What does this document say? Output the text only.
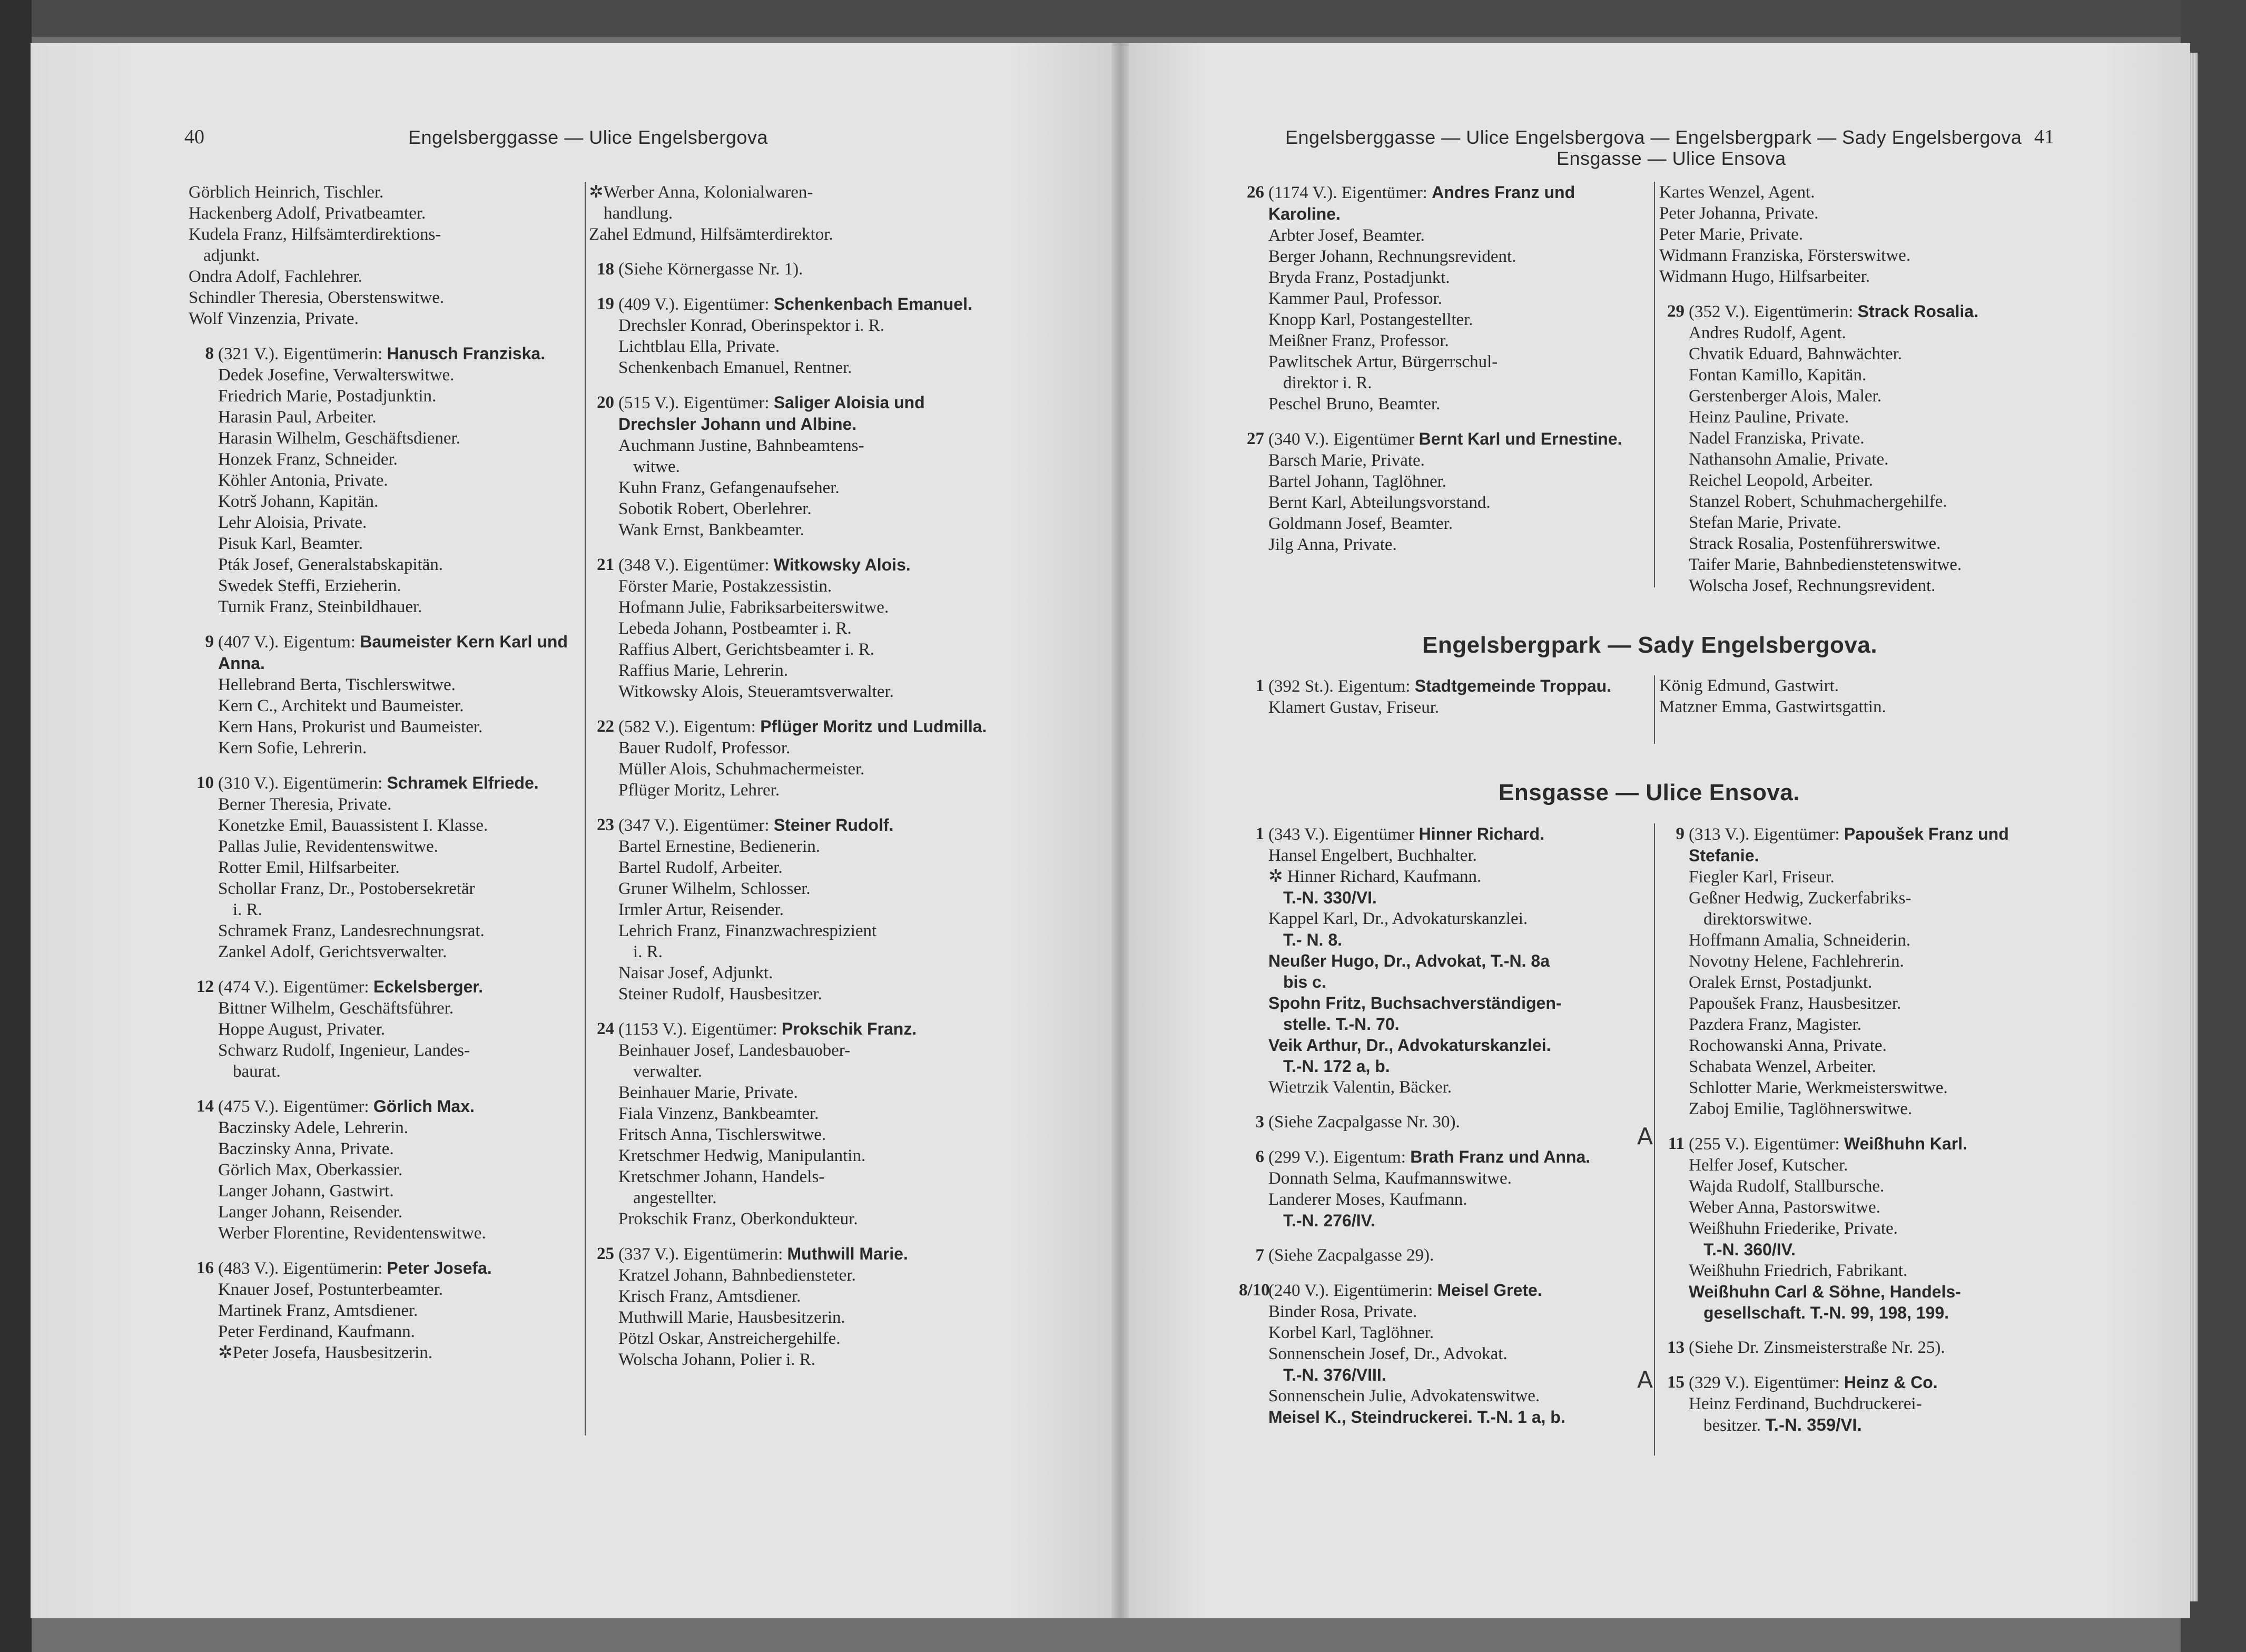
40	Engelsberggasse — Ulice Engelsbergova
Görblich Heinrich, Tischler.
Hackenberg Adolf, Privatbeamter.
Kudela Franz, Hilfsämterdirektions-
adjunkt.
Ondra Adolf, Fachlehrer.
Schindler Theresia, Oberstenswitwe.
Wolf Vinzenzia, Private.
8 (321 V.). Eigentümerin: Hanusch Franziska.
Dedek Josefine, Verwalterswitwe.
Friedrich Marie, Postadjunktin.
Harasin Paul, Arbeiter.
Harasin Wilhelm, Geschäftsdiener.
Honzek Franz, Schneider.
Köhler Antonia, Private.
Kotrš Johann, Kapitän.
Lehr Aloisia, Private.
Pisuk Karl, Beamter.
Pták Josef, Generalstabskapitän.
Swedek Steffi, Erzieherin.
Turnik Franz, Steinbildhauer.
9 (407 V.). Eigentum: Baumeister Kern Karl und Anna.
Hellebrand Berta, Tischlerswitwe.
Kern C., Architekt und Baumeister.
Kern Hans, Prokurist und Baumeister.
Kern Sofie, Lehrerin.
10 (310 V.). Eigentümerin: Schramek Elfriede.
Berner Theresia, Private.
Konetzke Emil, Bauassistent I. Klasse.
Pallas Julie, Revidentenswitwe.
Rotter Emil, Hilfsarbeiter.
Schollar Franz, Dr., Postobersekretär
i. R.
Schramek Franz, Landesrechnungsrat.
Zankel Adolf, Gerichtsverwalter.
12 (474 V.). Eigentümer: Eckelsberger.
Bittner Wilhelm, Geschäftsführer.
Hoppe August, Privater.
Schwarz Rudolf, Ingenieur, Landes-
baurat.
14 (475 V.). Eigentümer: Görlich Max.
Baczinsky Adele, Lehrerin.
Baczinsky Anna, Private.
Görlich Max, Oberkassier.
Langer Johann, Gastwirt.
Langer Johann, Reisender.
Werber Florentine, Revidentenswitwe.
16 (483 V.). Eigentümerin: Peter Josefa.
Knauer Josef, Postunterbeamter.
Martinek Franz, Amtsdiener.
Peter Ferdinand, Kaufmann.
✲Peter Josefa, Hausbesitzerin.
✲Werber Anna, Kolonialwaren-
handlung.
Zahel Edmund, Hilfsämterdirektor.
18 (Siehe Körnergasse Nr. 1).
19 (409 V.). Eigentümer: Schenkenbach Emanuel.
Drechsler Konrad, Oberinspektor i. R.
Lichtblau Ella, Private.
Schenkenbach Emanuel, Rentner.
20 (515 V.). Eigentümer: Saliger Aloisia und Drechsler Johann und Albine.
Auchmann Justine, Bahnbeamtens-
witwe.
Kuhn Franz, Gefangenaufseher.
Sobotik Robert, Oberlehrer.
Wank Ernst, Bankbeamter.
21 (348 V.). Eigentümer: Witkowsky Alois.
Förster Marie, Postakzessistin.
Hofmann Julie, Fabriksarbeiterswitwe.
Lebeda Johann, Postbeamter i. R.
Raffius Albert, Gerichtsbeamter i. R.
Raffius Marie, Lehrerin.
Witkowsky Alois, Steueramtsverwalter.
22 (582 V.). Eigentum: Pflüger Moritz und Ludmilla.
Bauer Rudolf, Professor.
Müller Alois, Schuhmachermeister.
Pflüger Moritz, Lehrer.
23 (347 V.). Eigentümer: Steiner Rudolf.
Bartel Ernestine, Bedienerin.
Bartel Rudolf, Arbeiter.
Gruner Wilhelm, Schlosser.
Irmler Artur, Reisender.
Lehrich Franz, Finanzwachrespizient
i. R.
Naisar Josef, Adjunkt.
Steiner Rudolf, Hausbesitzer.
24 (1153 V.). Eigentümer: Prokschik Franz.
Beinhauer Josef, Landesbauober-
verwalter.
Beinhauer Marie, Private.
Fiala Vinzenz, Bankbeamter.
Fritsch Anna, Tischlerswitwe.
Kretschmer Hedwig, Manipulantin.
Kretschmer Johann, Handels-
angestellter.
Prokschik Franz, Oberkondukteur.
25 (337 V.). Eigentümerin: Muthwill Marie.
Kratzel Johann, Bahnbediensteter.
Krisch Franz, Amtsdiener.
Muthwill Marie, Hausbesitzerin.
Pötzl Oskar, Anstreichergehilfe.
Wolscha Johann, Polier i. R.
Engelsberggasse — Ulice Engelsbergova — Engelsbergpark — Sady Engelsbergova 41
Ensgasse — Ulice Ensova
26 (1174 V.). Eigentümer: Andres Franz und Karoline.
Arbter Josef, Beamter.
Berger Johann, Rechnungsrevident.
Bryda Franz, Postadjunkt.
Kammer Paul, Professor.
Knopp Karl, Postangestellter.
Meißner Franz, Professor.
Pawlitschek Artur, Bürgerrschul-
direktor i. R.
Peschel Bruno, Beamter.
27 (340 V.). Eigentümer Bernt Karl und Ernestine.
Barsch Marie, Private.
Bartel Johann, Taglöhner.
Bernt Karl, Abteilungsvorstand.
Goldmann Josef, Beamter.
Jilg Anna, Private.
Kartes Wenzel, Agent.
Peter Johanna, Private.
Peter Marie, Private.
Widmann Franziska, Försterswitwe.
Widmann Hugo, Hilfsarbeiter.
29 (352 V.). Eigentümerin: Strack Rosalia.
Andres Rudolf, Agent.
Chvatik Eduard, Bahnwächter.
Fontan Kamillo, Kapitän.
Gerstenberger Alois, Maler.
Heinz Pauline, Private.
Nadel Franziska, Private.
Nathansohn Amalie, Private.
Reichel Leopold, Arbeiter.
Stanzel Robert, Schuhmachergehilfe.
Stefan Marie, Private.
Strack Rosalia, Postenführerswitwe.
Taifer Marie, Bahnbedienstetenswitwe.
Wolscha Josef, Rechnungsrevident.
Engelsbergpark — Sady Engelsbergova.
1 (392 St.). Eigentum: Stadtgemeinde Troppau.
Klamert Gustav, Friseur.
König Edmund, Gastwirt.
Matzner Emma, Gastwirtsgattin.
Ensgasse — Ulice Ensova.
1 (343 V.). Eigentümer Hinner Richard.
Hansel Engelbert, Buchhalter.
✲ Hinner Richard, Kaufmann.
T.-N. 330/VI.
Kappel Karl, Dr., Advokaturskanzlei.
T.- N. 8.
Neußer Hugo, Dr., Advokat, T.-N. 8a
bis c.
Spohn Fritz, Buchsachverständigen-
stelle. T.-N. 70.
Veik Arthur, Dr., Advokaturskanzlei.
T.-N. 172 a, b.
Wietrzik Valentin, Bäcker.
3 (Siehe Zacpalgasse Nr. 30).
6 (299 V.). Eigentum: Brath Franz und Anna.
Donnath Selma, Kaufmannswitwe.
Landerer Moses, Kaufmann.
T.-N. 276/IV.
7 (Siehe Zacpalgasse 29).
8/10
(240 V.). Eigentümerin: Meisel Grete.
Binder Rosa, Private.
Korbel Karl, Taglöhner.
Sonnenschein Josef, Dr., Advokat.
T.-N. 376/VIII.
Sonnenschein Julie, Advokatenswitwe.
Meisel K., Steindruckerei. T.-N. 1 a, b.
9 (313 V.). Eigentümer: Papoušek Franz und Stefanie.
Fiegler Karl, Friseur.
Geßner Hedwig, Zuckerfabriks-
direktorswitwe.
Hoffmann Amalia, Schneiderin.
Novotny Helene, Fachlehrerin.
Oralek Ernst, Postadjunkt.
Papoušek Franz, Hausbesitzer.
Pazdera Franz, Magister.
Rochowanski Anna, Private.
Schabata Wenzel, Arbeiter.
Schlotter Marie, Werkmeisterswitwe.
Zaboj Emilie, Taglöhnerswitwe.
11 (255 V.). Eigentümer: Weißhuhn Karl.
Helfer Josef, Kutscher.
Wajda Rudolf, Stallbursche.
Weber Anna, Pastorswitwe.
Weißhuhn Friederike, Private.
T.-N. 360/IV.
Weißhuhn Friedrich, Fabrikant.
Weißhuhn Carl & Söhne, Handels-
gesellschaft. T.-N. 99, 198, 199.
13 (Siehe Dr. Zinsmeisterstraße Nr. 25).
15 (329 V.). Eigentümer: Heinz & Co.
Heinz Ferdinand, Buchdruckerei-
besitzer. T.-N. 359/VI.
A
A
